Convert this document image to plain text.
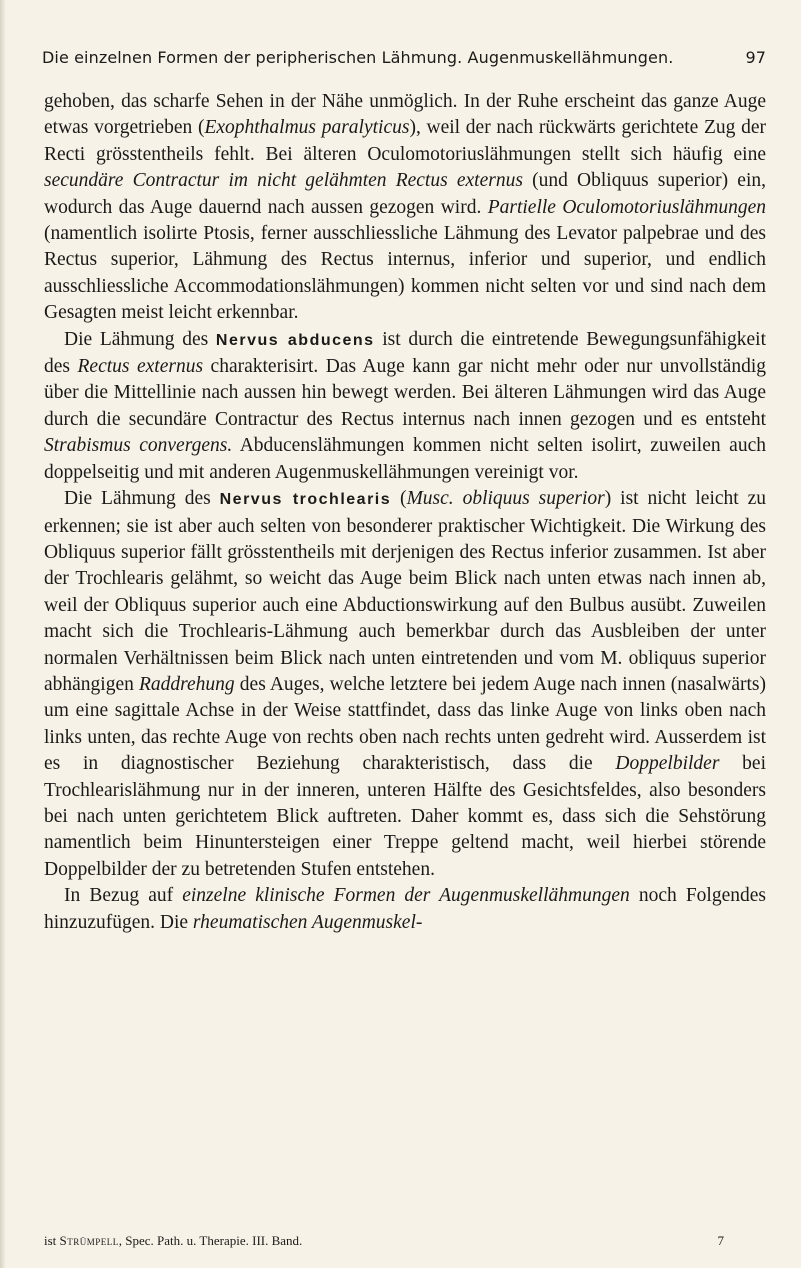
Die einzelnen Formen der peripherischen Lähmung. Augenmuskellähmungen.	97

gehoben, das scharfe Sehen in der Nähe unmöglich. In der Ruhe erscheint das ganze Auge etwas vorgetrieben (Exophthalmus paralyticus), weil der nach rückwärts gerichtete Zug der Recti grösstentheils fehlt. Bei älteren Oculomotoriuslähmungen stellt sich häufig eine secundäre Contractur im nicht gelähmten Rectus externus (und Obliquus superior) ein, wodurch das Auge dauernd nach aussen gezogen wird. Partielle Oculomotoriuslähmungen (namentlich isolirte Ptosis, ferner ausschliessliche Lähmung des Levator palpebrae und des Rectus superior, Lähmung des Rectus internus, inferior und superior, und endlich ausschliessliche Accommodationslähmungen) kommen nicht selten vor und sind nach dem Gesagten meist leicht erkennbar.

Die Lähmung des Nervus abducens ist durch die eintretende Bewegungsunfähigkeit des Rectus externus charakterisirt. Das Auge kann gar nicht mehr oder nur unvollständig über die Mittellinie nach aussen hin bewegt werden. Bei älteren Lähmungen wird das Auge durch die secundäre Contractur des Rectus internus nach innen gezogen und es entsteht Strabismus convergens. Abducenslähmungen kommen nicht selten isolirt, zuweilen auch doppelseitig und mit anderen Augenmuskellähmungen vereinigt vor.

Die Lähmung des Nervus trochlearis (Musc. obliquus superior) ist nicht leicht zu erkennen; sie ist aber auch selten von besonderer praktischer Wichtigkeit. Die Wirkung des Obliquus superior fällt grösstentheils mit derjenigen des Rectus inferior zusammen. Ist aber der Trochlearis gelähmt, so weicht das Auge beim Blick nach unten etwas nach innen ab, weil der Obliquus superior auch eine Abductionswirkung auf den Bulbus ausübt. Zuweilen macht sich die Trochlearis-Lähmung auch bemerkbar durch das Ausbleiben der unter normalen Verhältnissen beim Blick nach unten eintretenden und vom M. obliquus superior abhängigen Raddrehung des Auges, welche letztere bei jedem Auge nach innen (nasalwärts) um eine sagittale Achse in der Weise stattfindet, dass das linke Auge von links oben nach links unten, das rechte Auge von rechts oben nach rechts unten gedreht wird. Ausserdem ist es in diagnostischer Beziehung charakteristisch, dass die Doppelbilder bei Trochlearislähmung nur in der inneren, unteren Hälfte des Gesichtsfeldes, also besonders bei nach unten gerichtetem Blick auftreten. Daher kommt es, dass sich die Sehstörung namentlich beim Hinuntersteigen einer Treppe geltend macht, weil hierbei störende Doppelbilder der zu betretenden Stufen entstehen.

In Bezug auf einzelne klinische Formen der Augenmuskellähmungen noch Folgendes hinzuzufügen. Die rheumatischen Augenmuskel-

ist Strümpell, Spec. Path. u. Therapie. III. Band.	7
